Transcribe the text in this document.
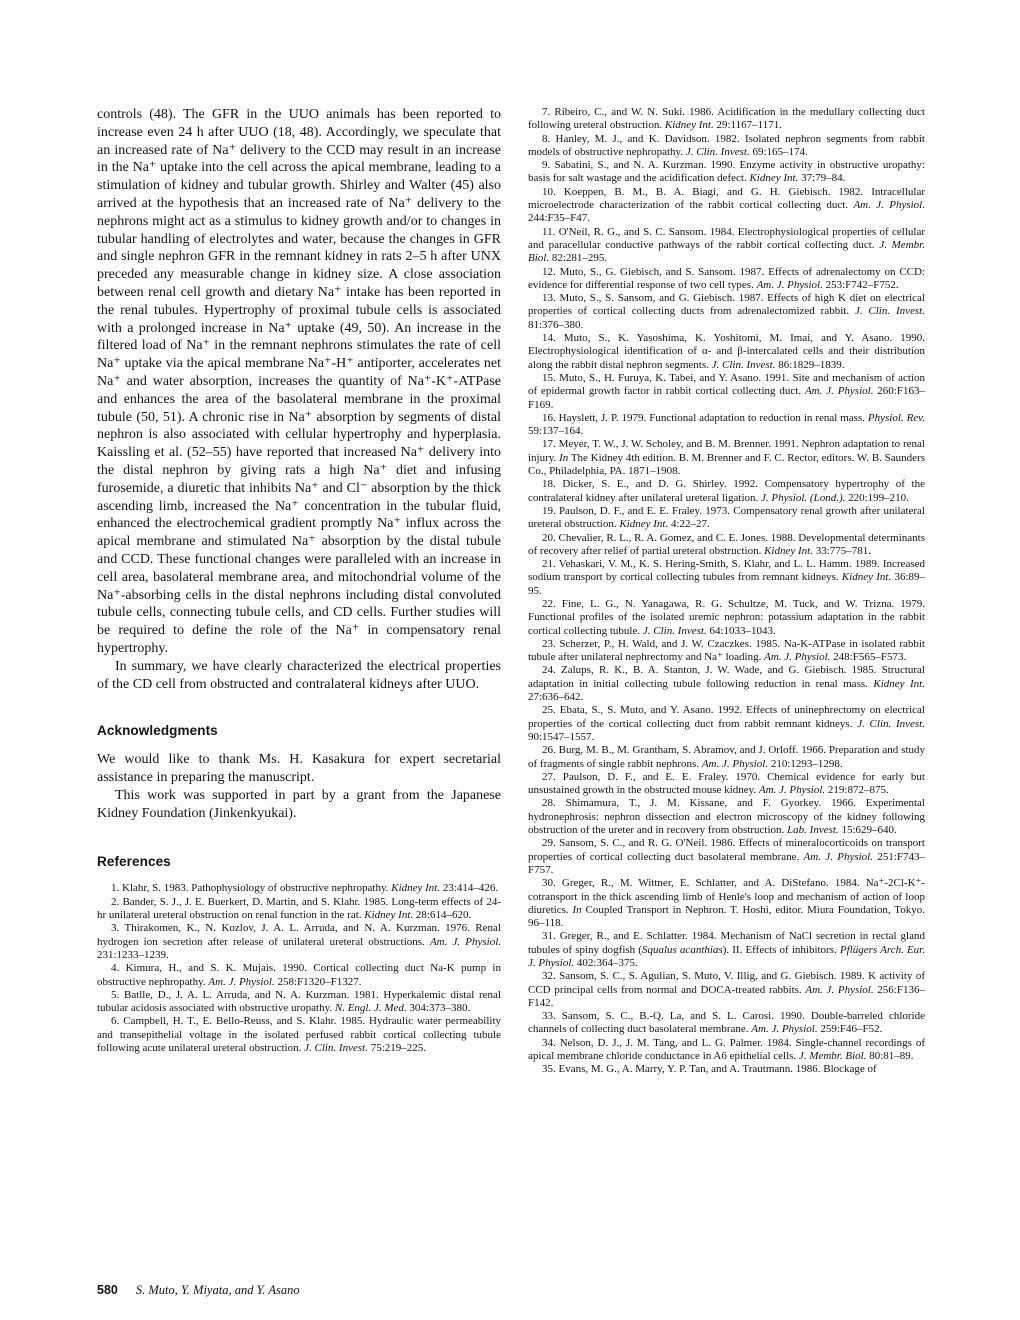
controls (48). The GFR in the UUO animals has been reported to increase even 24 h after UUO (18, 48). Accordingly, we speculate that an increased rate of Na⁺ delivery to the CCD may result in an increase in the Na⁺ uptake into the cell across the apical membrane, leading to a stimulation of kidney and tubular growth. Shirley and Walter (45) also arrived at the hypothesis that an increased rate of Na⁺ delivery to the nephrons might act as a stimulus to kidney growth and/or to changes in tubular handling of electrolytes and water, because the changes in GFR and single nephron GFR in the remnant kidney in rats 2–5 h after UNX preceded any measurable change in kidney size. A close association between renal cell growth and dietary Na⁺ intake has been reported in the renal tubules. Hypertrophy of proximal tubule cells is associated with a prolonged increase in Na⁺ uptake (49, 50). An increase in the filtered load of Na⁺ in the remnant nephrons stimulates the rate of cell Na⁺ uptake via the apical membrane Na⁺-H⁺ antiporter, accelerates net Na⁺ and water absorption, increases the quantity of Na⁺-K⁺-ATPase and enhances the area of the basolateral membrane in the proximal tubule (50, 51). A chronic rise in Na⁺ absorption by segments of distal nephron is also associated with cellular hypertrophy and hyperplasia. Kaissling et al. (52–55) have reported that increased Na⁺ delivery into the distal nephron by giving rats a high Na⁺ diet and infusing furosemide, a diuretic that inhibits Na⁺ and Cl⁻ absorption by the thick ascending limb, increased the Na⁺ concentration in the tubular fluid, enhanced the electrochemical gradient promptly Na⁺ influx across the apical membrane and stimulated Na⁺ absorption by the distal tubule and CCD. These functional changes were paralleled with an increase in cell area, basolateral membrane area, and mitochondrial volume of the Na⁺-absorbing cells in the distal nephrons including distal convoluted tubule cells, connecting tubule cells, and CD cells. Further studies will be required to define the role of the Na⁺ in compensatory renal hypertrophy.

In summary, we have clearly characterized the electrical properties of the CD cell from obstructed and contralateral kidneys after UUO.

Acknowledgments

We would like to thank Ms. H. Kasakura for expert secretarial assistance in preparing the manuscript.

This work was supported in part by a grant from the Japanese Kidney Foundation (Jinkenkyukai).

References

1. Klahr, S. 1983. Pathophysiology of obstructive nephropathy. Kidney Int. 23:414–426.

2. Bander, S. J., J. E. Buerkert, D. Martin, and S. Klahr. 1985. Long-term effects of 24-hr unilateral ureteral obstruction on renal function in the rat. Kidney Int. 28:614–620.

3. Thirakomen, K., N. Kozlov, J. A. L. Arruda, and N. A. Kurzman. 1976. Renal hydrogen ion secretion after release of unilateral ureteral obstructions. Am. J. Physiol. 231:1233–1239.

4. Kimura, H., and S. K. Mujais. 1990. Cortical collecting duct Na-K pump in obstructive nephropathy. Am. J. Physiol. 258:F1320–F1327.

5. Batlle, D., J. A. L. Arruda, and N. A. Kurzman. 1981. Hyperkalemic distal renal tubular acidosis associated with obstructive uropathy. N. Engl. J. Med. 304:373–380.

6. Campbell, H. T., E. Bello-Reuss, and S. Klahr. 1985. Hydraulic water permeability and transepithelial voltage in the isolated perfused rabbit cortical collecting tubule following acute unilateral ureteral obstruction. J. Clin. Invest. 75:219–225.

7. Ribeiro, C., and W. N. Suki. 1986. Acidification in the medullary collecting duct following ureteral obstruction. Kidney Int. 29:1167–1171.

8. Hanley, M. J., and K. Davidson. 1982. Isolated nephron segments from rabbit models of obstructive nephropathy. J. Clin. Invest. 69:165–174.

9. Sabatini, S., and N. A. Kurzman. 1990. Enzyme activity in obstructive uropathy: basis for salt wastage and the acidification defect. Kidney Int. 37:79–84.

10. Koeppen, B. M., B. A. Biagi, and G. H. Giebisch. 1982. Intracellular microelectrode characterization of the rabbit cortical collecting duct. Am. J. Physiol. 244:F35–F47.

11. O'Neil, R. G., and S. C. Sansom. 1984. Electrophysiological properties of cellular and paracellular conductive pathways of the rabbit cortical collecting duct. J. Membr. Biol. 82:281–295.

12. Muto, S., G. Giebisch, and S. Sansom. 1987. Effects of adrenalectomy on CCD: evidence for differential response of two cell types. Am. J. Physiol. 253:F742–F752.

13. Muto, S., S. Sansom, and G. Giebisch. 1987. Effects of high K diet on electrical properties of cortical collecting ducts from adrenalectomized rabbit. J. Clin. Invest. 81:376–380.

14. Muto, S., K. Yasoshima, K. Yoshitomi, M. Imai, and Y. Asano. 1990. Electrophysiological identification of α- and β-intercalated cells and their distribution along the rabbit distal nephron segments. J. Clin. Invest. 86:1829–1839.

15. Muto, S., H. Furuya, K. Tabei, and Y. Asano. 1991. Site and mechanism of action of epidermal growth factor in rabbit cortical collecting duct. Am. J. Physiol. 260:F163–F169.

16. Hayslett, J. P. 1979. Functional adaptation to reduction in renal mass. Physiol. Rev. 59:137–164.

17. Meyer, T. W., J. W. Scholey, and B. M. Brenner. 1991. Nephron adaptation to renal injury. In The Kidney 4th edition. B. M. Brenner and F. C. Rector, editors. W. B. Saunders Co., Philadelphia, PA. 1871–1908.

18. Dicker, S. E., and D. G. Shirley. 1992. Compensatory hypertrophy of the contralateral kidney after unilateral ureteral ligation. J. Physiol. (Lond.). 220:199–210.

19. Paulson, D. F., and E. E. Fraley. 1973. Compensatory renal growth after unilateral ureteral obstruction. Kidney Int. 4:22–27.

20. Chevalier, R. L., R. A. Gomez, and C. E. Jones. 1988. Developmental determinants of recovery after relief of partial ureteral obstruction. Kidney Int. 33:775–781.

21. Vehaskari, V. M., K. S. Hering-Smith, S. Klahr, and L. L. Hamm. 1989. Increased sodium transport by cortical collecting tubules from remnant kidneys. Kidney Int. 36:89–95.

22. Fine, L. G., N. Yanagawa, R. G. Schultze, M. Tuck, and W. Trizna. 1979. Functional profiles of the isolated uremic nephron: potassium adaptation in the rabbit cortical collecting tubule. J. Clin. Invest. 64:1033–1043.

23. Scherzer, P., H. Wald, and J. W. Czaczkes. 1985. Na-K-ATPase in isolated rabbit tubule after unilateral nephrectomy and Na⁺ loading. Am. J. Physiol. 248:F565–F573.

24. Zalups, R. K., B. A. Stanton, J. W. Wade, and G. Giebisch. 1985. Structural adaptation in initial collecting tubule following reduction in renal mass. Kidney Int. 27:636–642.

25. Ebata, S., S. Muto, and Y. Asano. 1992. Effects of uninephrectomy on electrical properties of the cortical collecting duct from rabbit remnant kidneys. J. Clin. Invest. 90:1547–1557.

26. Burg, M. B., M. Grantham, S. Abramov, and J. Orloff. 1966. Preparation and study of fragments of single rabbit nephrons. Am. J. Physiol. 210:1293–1298.

27. Paulson, D. F., and E. E. Fraley. 1970. Chemical evidence for early but unsustained growth in the obstructed mouse kidney. Am. J. Physiol. 219:872–875.

28. Shimamura, T., J. M. Kissane, and F. Gyorkey. 1966. Experimental hydronephrosis: nephron dissection and electron microscopy of the kidney following obstruction of the ureter and in recovery from obstruction. Lab. Invest. 15:629–640.

29. Sansom, S. C., and R. G. O'Neil. 1986. Effects of mineralocorticoids on transport properties of cortical collecting duct basolateral membrane. Am. J. Physiol. 251:F743–F757.

30. Greger, R., M. Wittner, E. Schlatter, and A. DiStefano. 1984. Na⁺-2Cl-K⁺-cotransport in the thick ascending limb of Henle's loop and mechanism of action of loop diuretics. In Coupled Transport in Nephron. T. Hoshi, editor. Miura Foundation, Tokyo. 96–118.

31. Greger, R., and E. Schlatter. 1984. Mechanism of NaCl secretion in rectal gland tubules of spiny dogfish (Squalus acanthias). II. Effects of inhibitors. Pflügers Arch. Eur. J. Physiol. 402:364–375.

32. Sansom, S. C., S. Agulian, S. Muto, V. Illig, and G. Giebisch. 1989. K activity of CCD principal cells from normal and DOCA-treated rabbits. Am. J. Physiol. 256:F136–F142.

33. Sansom, S. C., B.-Q. La, and S. L. Carosi. 1990. Double-barreled chloride channels of collecting duct basolateral membrane. Am. J. Physiol. 259:F46–F52.

34. Nelson, D. J., J. M. Tang, and L. G. Palmer. 1984. Single-channel recordings of apical membrane chloride conductance in A6 epithelial cells. J. Membr. Biol. 80:81–89.

35. Evans, M. G., A. Marry, Y. P. Tan, and A. Trautmann. 1986. Blockage of

580 S. Muto, Y. Miyata, and Y. Asano
